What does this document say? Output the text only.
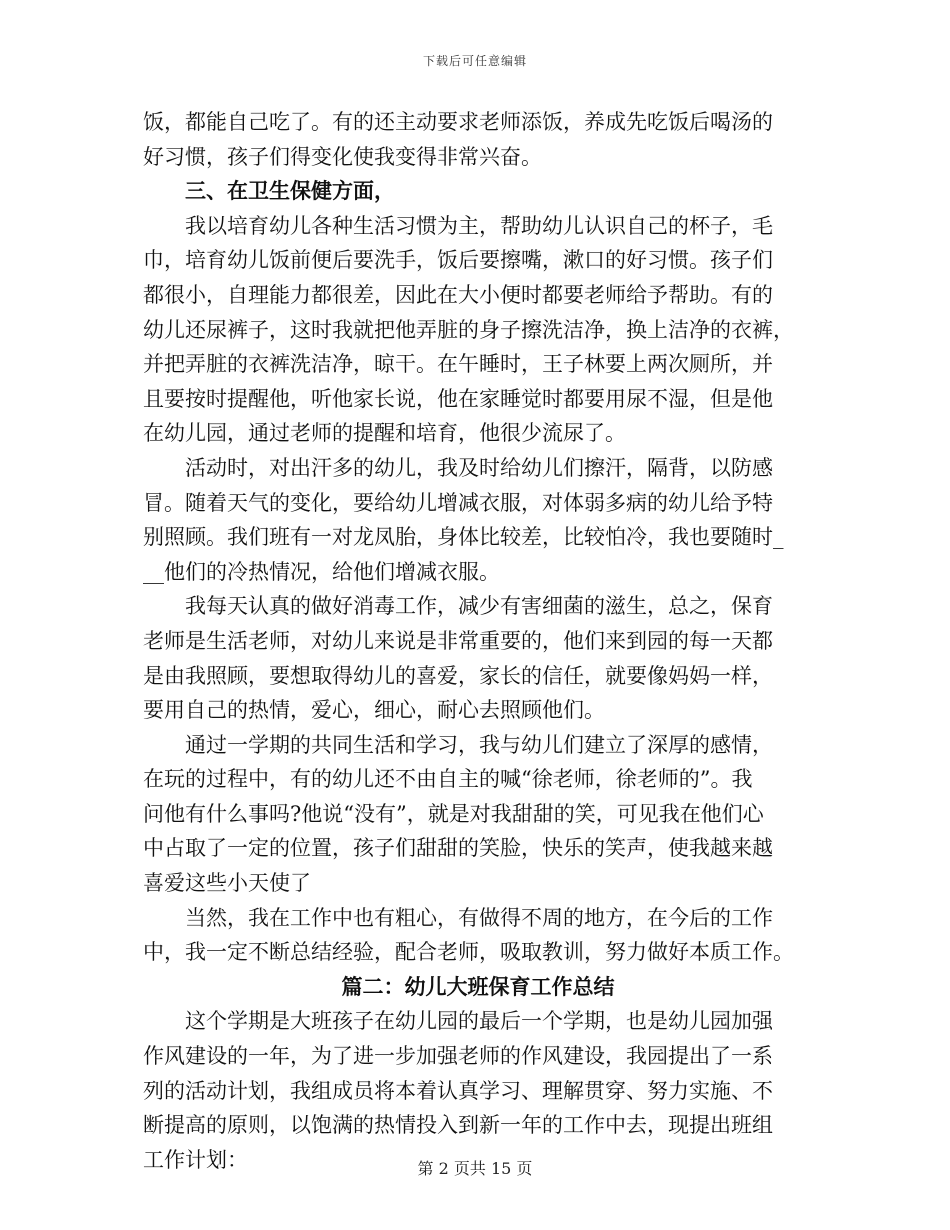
下载后可任意编辑
饭，都能自己吃了。有的还主动要求老师添饭，养成先吃饭后喝汤的
好习惯，孩子们得变化使我变得非常兴奋。
三、在卫生保健方面，
我以培育幼儿各种生活习惯为主，帮助幼儿认识自己的杯子，毛
巾，培育幼儿饭前便后要洗手，饭后要擦嘴，漱口的好习惯。孩子们
都很小，自理能力都很差，因此在大小便时都要老师给予帮助。有的
幼儿还尿裤子，这时我就把他弄脏的身子擦洗洁净，换上洁净的衣裤，
并把弄脏的衣裤洗洁净，晾干。在午睡时，王子林要上两次厕所，并
且要按时提醒他，听他家长说，他在家睡觉时都要用尿不湿，但是他
在幼儿园，通过老师的提醒和培育，他很少流尿了。
活动时，对出汗多的幼儿，我及时给幼儿们擦汗，隔背，以防感
冒。随着天气的变化，要给幼儿增减衣服，对体弱多病的幼儿给予特
别照顾。我们班有一对龙凤胎，身体比较差，比较怕冷，我也要随时_
__他们的冷热情况，给他们增减衣服。
我每天认真的做好消毒工作，减少有害细菌的滋生，总之，保育
老师是生活老师，对幼儿来说是非常重要的，他们来到园的每一天都
是由我照顾，要想取得幼儿的喜爱，家长的信任，就要像妈妈一样，
要用自己的热情，爱心，细心，耐心去照顾他们。
通过一学期的共同生活和学习，我与幼儿们建立了深厚的感情，
在玩的过程中，有的幼儿还不由自主的喊“徐老师，徐老师的”。我
问他有什么事吗?他说“没有”，就是对我甜甜的笑，可见我在他们心
中占取了一定的位置，孩子们甜甜的笑脸，快乐的笑声，使我越来越
喜爱这些小天使了
当然，我在工作中也有粗心，有做得不周的地方，在今后的工作
中，我一定不断总结经验，配合老师，吸取教训，努力做好本质工作。
篇二：幼儿大班保育工作总结
这个学期是大班孩子在幼儿园的最后一个学期，也是幼儿园加强
作风建设的一年，为了进一步加强老师的作风建设，我园提出了一系
列的活动计划，我组成员将本着认真学习、理解贯穿、努力实施、不
断提高的原则，以饱满的热情投入到新一年的工作中去，现提出班组
工作计划：	第 2 页共 15 页
